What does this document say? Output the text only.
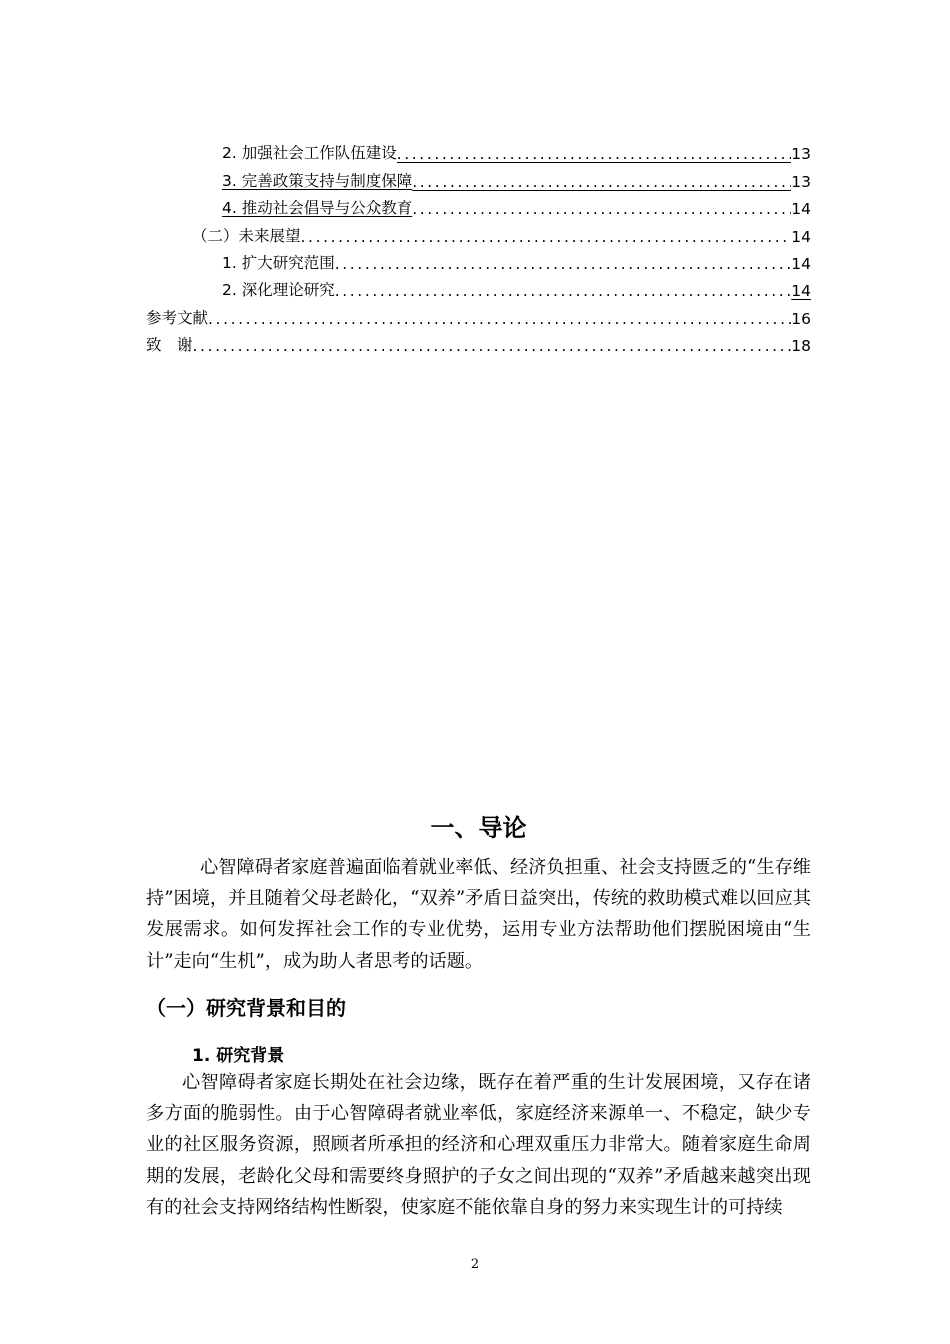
2. 加强社会工作队伍建设 .....	13
3. 完善政策支持与制度保障 .....	13
4. 推动社会倡导与公众教育 .....	14
（二）未来展望 .....	14
1. 扩大研究范围 .....	14
2. 深化理论研究 .....	14
参考文献 .....	16
致　谢 .....	18
一、导论
心智障碍者家庭普遍面临着就业率低、经济负担重、社会支持匮乏的“生存维持”困境，并且随着父母老龄化，“双养”矛盾日益突出，传统的救助模式难以回应其发展需求。如何发挥社会工作的专业优势，运用专业方法帮助他们摆脱困境由“生计”走向“生机”，成为助人者思考的话题。
（一）研究背景和目的
1. 研究背景
心智障碍者家庭长期处在社会边缘，既存在着严重的生计发展困境，又存在诸多方面的脆弱性。由于心智障碍者就业率低，家庭经济来源单一、不稳定，缺少专业的社区服务资源，照顾者所承担的经济和心理双重压力非常大。随着家庭生命周期的发展，老龄化父母和需要终身照护的子女之间出现的“双养”矛盾越来越突出现有的社会支持网络结构性断裂，使家庭不能依靠自身的努力来实现生计的可持续
2
